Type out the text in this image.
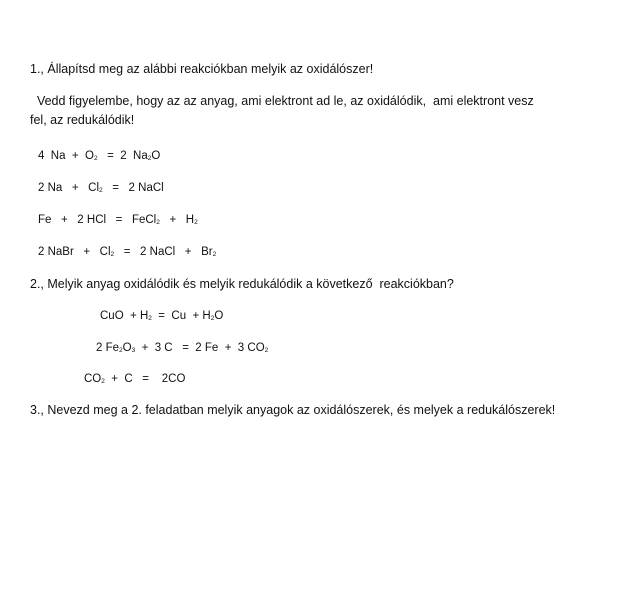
1., Állapítsd meg az alábbi reakciókban melyik az oxidálószer!
Vedd figyelembe, hogy az az anyag, ami elektront ad le, az oxidálódik,  ami elektront vesz
fel, az redukálódik!
4  $Na + O_2 = 2$  $Na_2O$
2 $Na + Cl_2 = 2$ NaCl
Fe   +   2 HCl   =   FeCl$_2$   +   $H_2$
2 NaBr   +   $Cl_2 = 2$ NaCl   +   $Br_2$
2., Melyik anyag oxidálódik és melyik redukálódik a következő  reakciókban?
CuO  + $H_2 = Cu + H_2O$
2 $Fe_2O_3 + 3$ C   =  2 Fe  +  3 $CO_2$
$CO_2 + C$   =    2CO
3., Nevezd meg a 2. feladatban melyik anyagok az oxidálószerek, és melyek a redukálószerek!
